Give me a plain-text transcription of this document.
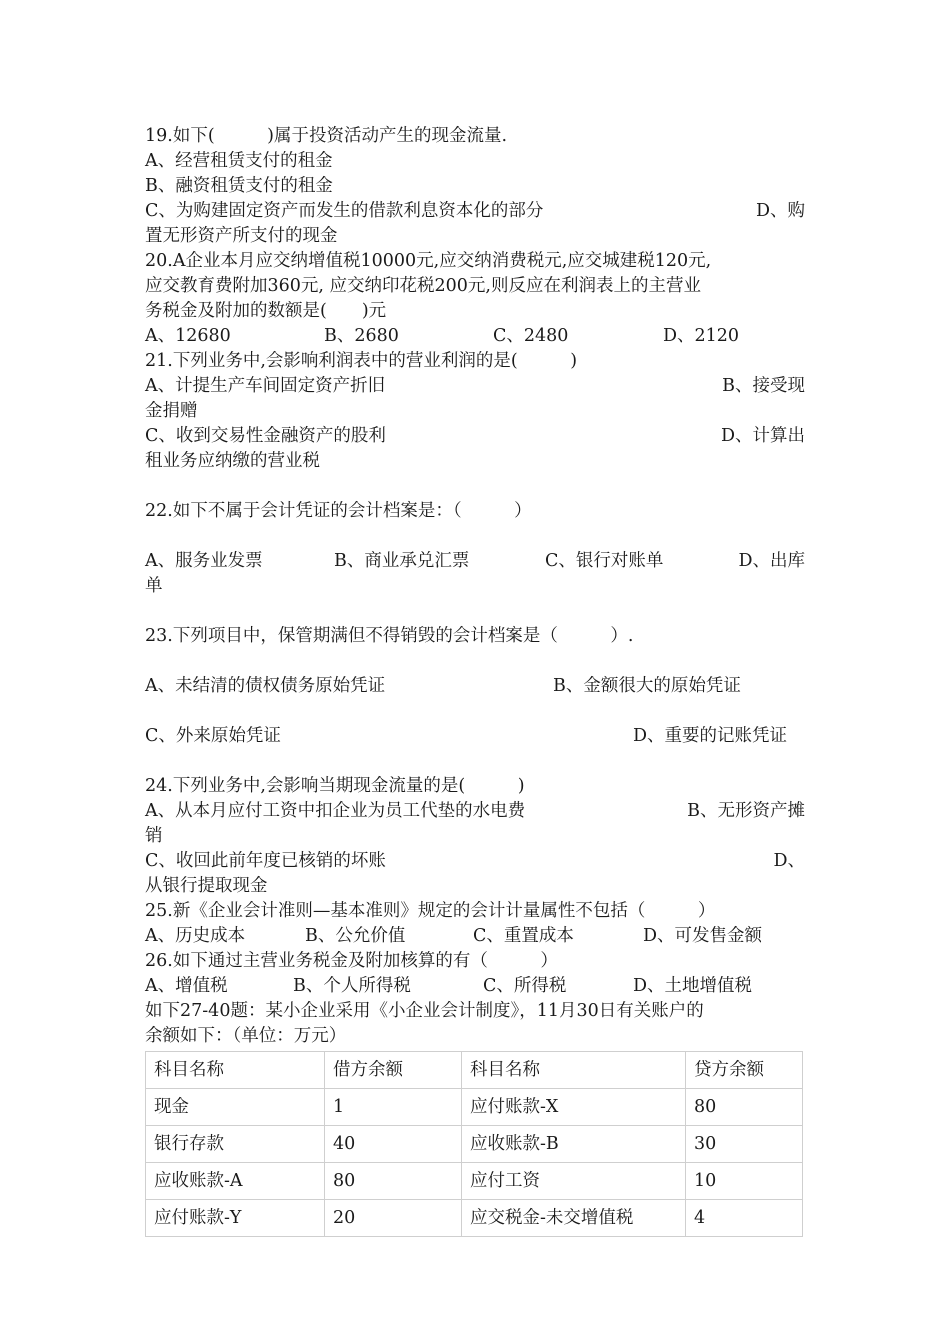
19.如下(　　　)属于投资活动产生的现金流量.
A、经营租赁支付的租金
B、融资租赁支付的租金
C、为购建固定资产而发生的借款利息资本化的部分	D、购
置无形资产所支付的现金
20.A企业本月应交纳增值税10000元,应交纳消费税元,应交城建税120元,
应交教育费附加360元, 应交纳印花税200元,则反应在利润表上的主营业
务税金及附加的数额是(　　)元
A、12680	B、2680	C、2480	D、2120
21.下列业务中,会影响利润表中的营业利润的是(　　　)
A、计提生产车间固定资产折旧	B、接受现
金捐赠
C、收到交易性金融资产的股利	D、计算出
租业务应纳缴的营业税
22.如下不属于会计凭证的会计档案是：（　　　）
A、服务业发票	B、商业承兑汇票	C、银行对账单	D、出库
单
23.下列项目中，保管期满但不得销毁的会计档案是（　　　）.
A、未结清的债权债务原始凭证	B、金额很大的原始凭证
C、外来原始凭证	D、重要的记账凭证
24.下列业务中,会影响当期现金流量的是(　　　)
A、从本月应付工资中扣企业为员工代垫的水电费	B、无形资产摊
销
C、收回此前年度已核销的坏账	D、
从银行提取现金
25.新《企业会计准则—基本准则》规定的会计计量属性不包括（　　　）
A、历史成本	B、公允价值	C、重置成本	D、可发售金额
26.如下通过主营业务税金及附加核算的有（　　　）
A、增值税	B、个人所得税	C、所得税	D、土地增值税
如下27-40题：某小企业采用《小企业会计制度》，11月30日有关账户的
余额如下：（单位：万元）
科目名称	借方余额	科目名称	贷方余额
现金	1	应付账款-X	80
银行存款	40	应收账款-B	30
应收账款-A	80	应付工资	10
应付账款-Y	20	应交税金-未交增值税	4
